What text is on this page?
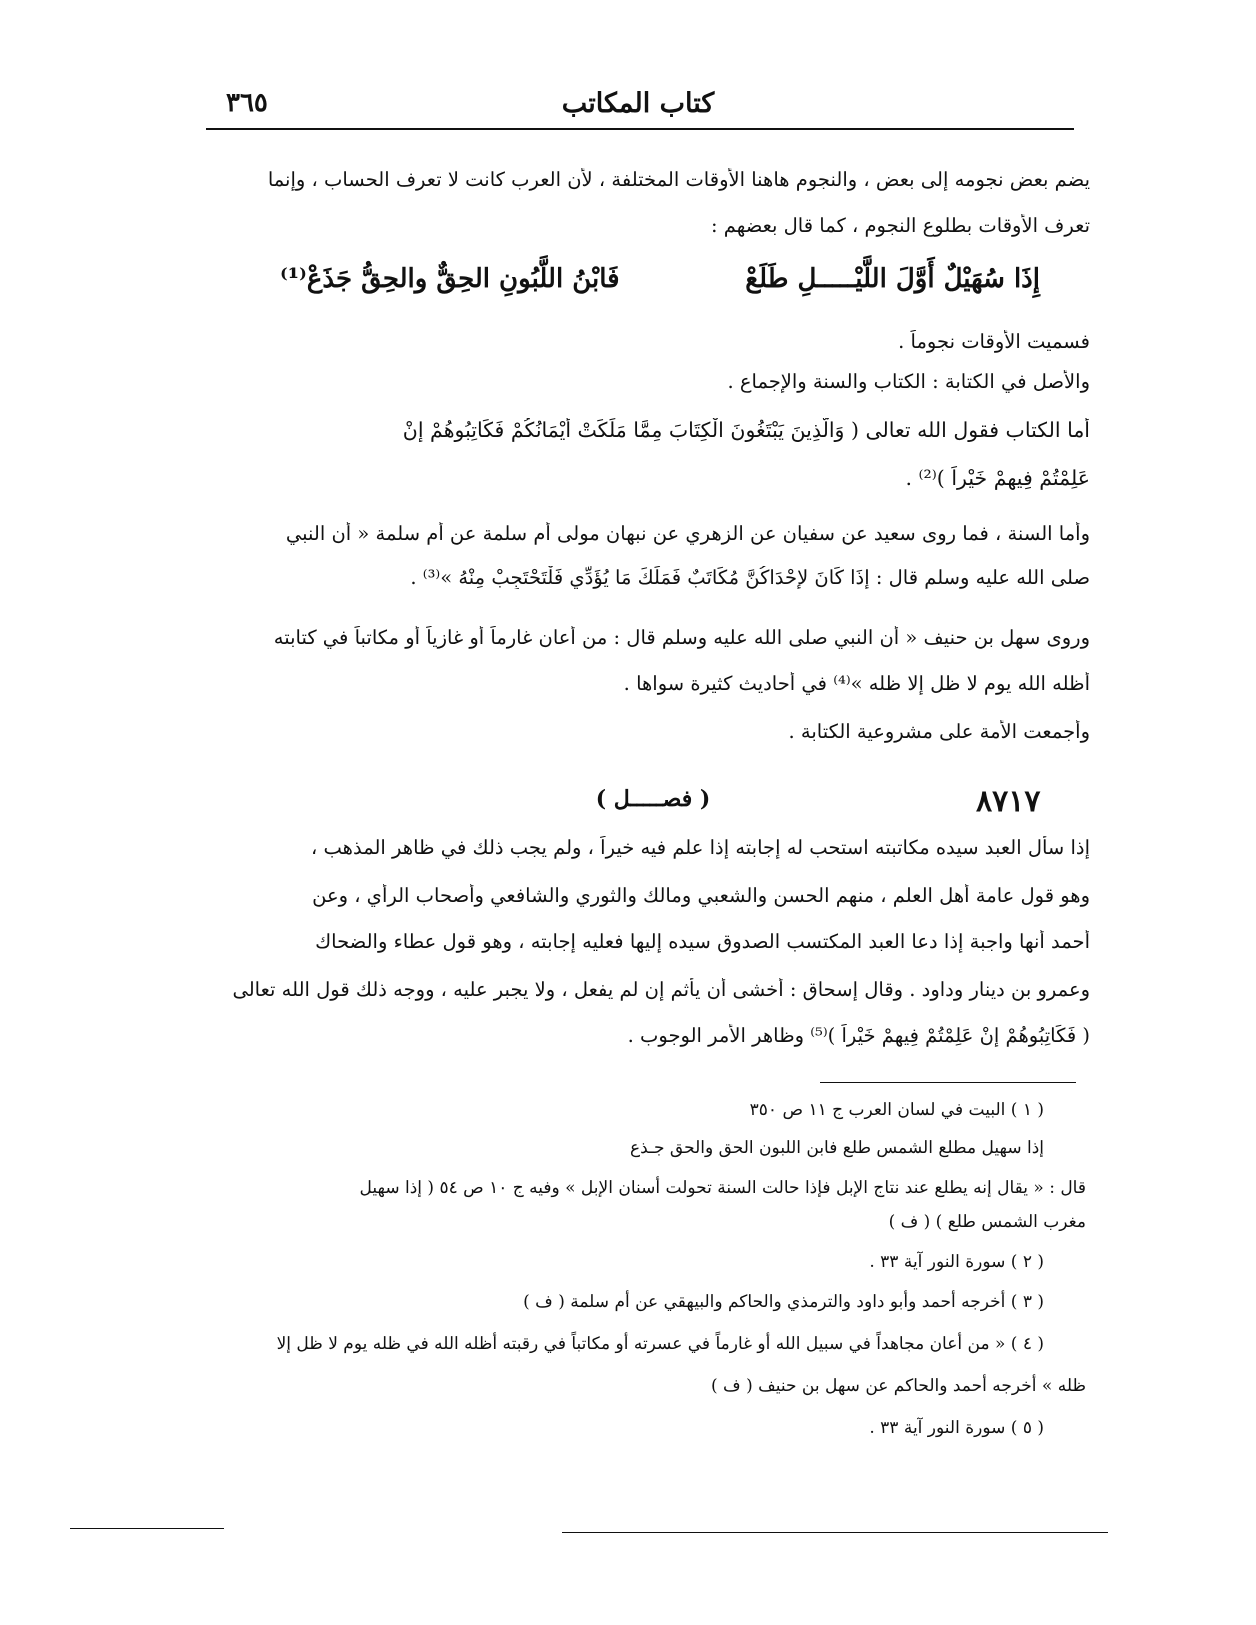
كتاب المكاتب
٣٦٥
يضم بعض نجومه إلى بعض ، والنجوم هاهنا الأوقات المختلفة ، لأن العرب كانت لا تعرف الحساب ، وإنما
تعرف الأوقات بطلوع النجوم ، كما قال بعضهم :
إِذَا سُهَيْلٌ أَوَّلَ اللَّيْـــــلِ طَلَعْ
فَابْنُ اللَّبُونِ الحِقٌّ والحِقُّ جَذَعْ⁽¹⁾
فسميت الأوقات نجوماً .
والأصل في الكتابة : الكتاب والسنة والإجماع .
أما الكتاب فقول الله تعالى ( وَالَّذِينَ يَبْتَغُونَ الْكِتَابَ مِمَّا مَلَكَتْ أَيْمَانُكُمْ فَكَاتِبُوهُمْ إِنْ
عَلِمْتُمْ فِيهِمْ خَيْراً )⁽²⁾ .
وأما السنة ، فما روى سعيد عن سفيان عن الزهري عن نبهان مولى أم سلمة عن أم سلمة « أن النبي
صلى الله عليه وسلم قال : إِذَا كَانَ لإِحْدَاكُنَّ مُكَاتَبٌ فَمَلَكَ مَا يُؤَدِّي فَلْتَحْتَجِبْ مِنْهُ »⁽³⁾ .
وروى سهل بن حنيف « أن النبي صلى الله عليه وسلم قال : من أعان غارماً أو غازياً أو مكاتباً في كتابته
أظله الله يوم لا ظل إلا ظله »⁽⁴⁾ في أحاديث كثيرة سواها .
وأجمعت الأمة على مشروعية الكتابة .
٨٧١٧
( فصـــــل )
إذا سأل العبد سيده مكاتبته استحب له إجابته إذا علم فيه خيراً ، ولم يجب ذلك في ظاهر المذهب ،
وهو قول عامة أهل العلم ، منهم الحسن والشعبي ومالك والثوري والشافعي وأصحاب الرأي ، وعن
أحمد أنها واجبة إذا دعا العبد المكتسب الصدوق سيده إليها فعليه إجابته ، وهو قول عطاء والضحاك
وعمرو بن دينار وداود . وقال إسحاق : أخشى أن يأثم إن لم يفعل ، ولا يجبر عليه ، ووجه ذلك قول الله تعالى
( فَكَاتِبُوهُمْ إِنْ عَلِمْتُمْ فِيهِمْ خَيْراً )⁽⁵⁾ وظاهر الأمر الوجوب .
( ١ ) البيت في لسان العرب ج ١١ ص ٣٥٠
إذا سهيل مطلع الشمس طلع فابن اللبون الحق والحق جـذع
قال : « يقال إنه يطلع عند نتاج الإبل فإذا حالت السنة تحولت أسنان الإبل » وفيه ج ١٠ ص ٥٤ ( إذا سهيل
مغرب الشمس طلع ) ( ف )
( ٢ ) سورة النور آية ٣٣ .
( ٣ ) أخرجه أحمد وأبو داود والترمذي والحاكم والبيهقي عن أم سلمة ( ف )
( ٤ ) « من أعان مجاهداً في سبيل الله أو غارماً في عسرته أو مكاتباً في رقبته أظله الله في ظله يوم لا ظل إلا
ظله » أخرجه أحمد والحاكم عن سهل بن حنيف ( ف )
( ٥ ) سورة النور آية ٣٣ .
